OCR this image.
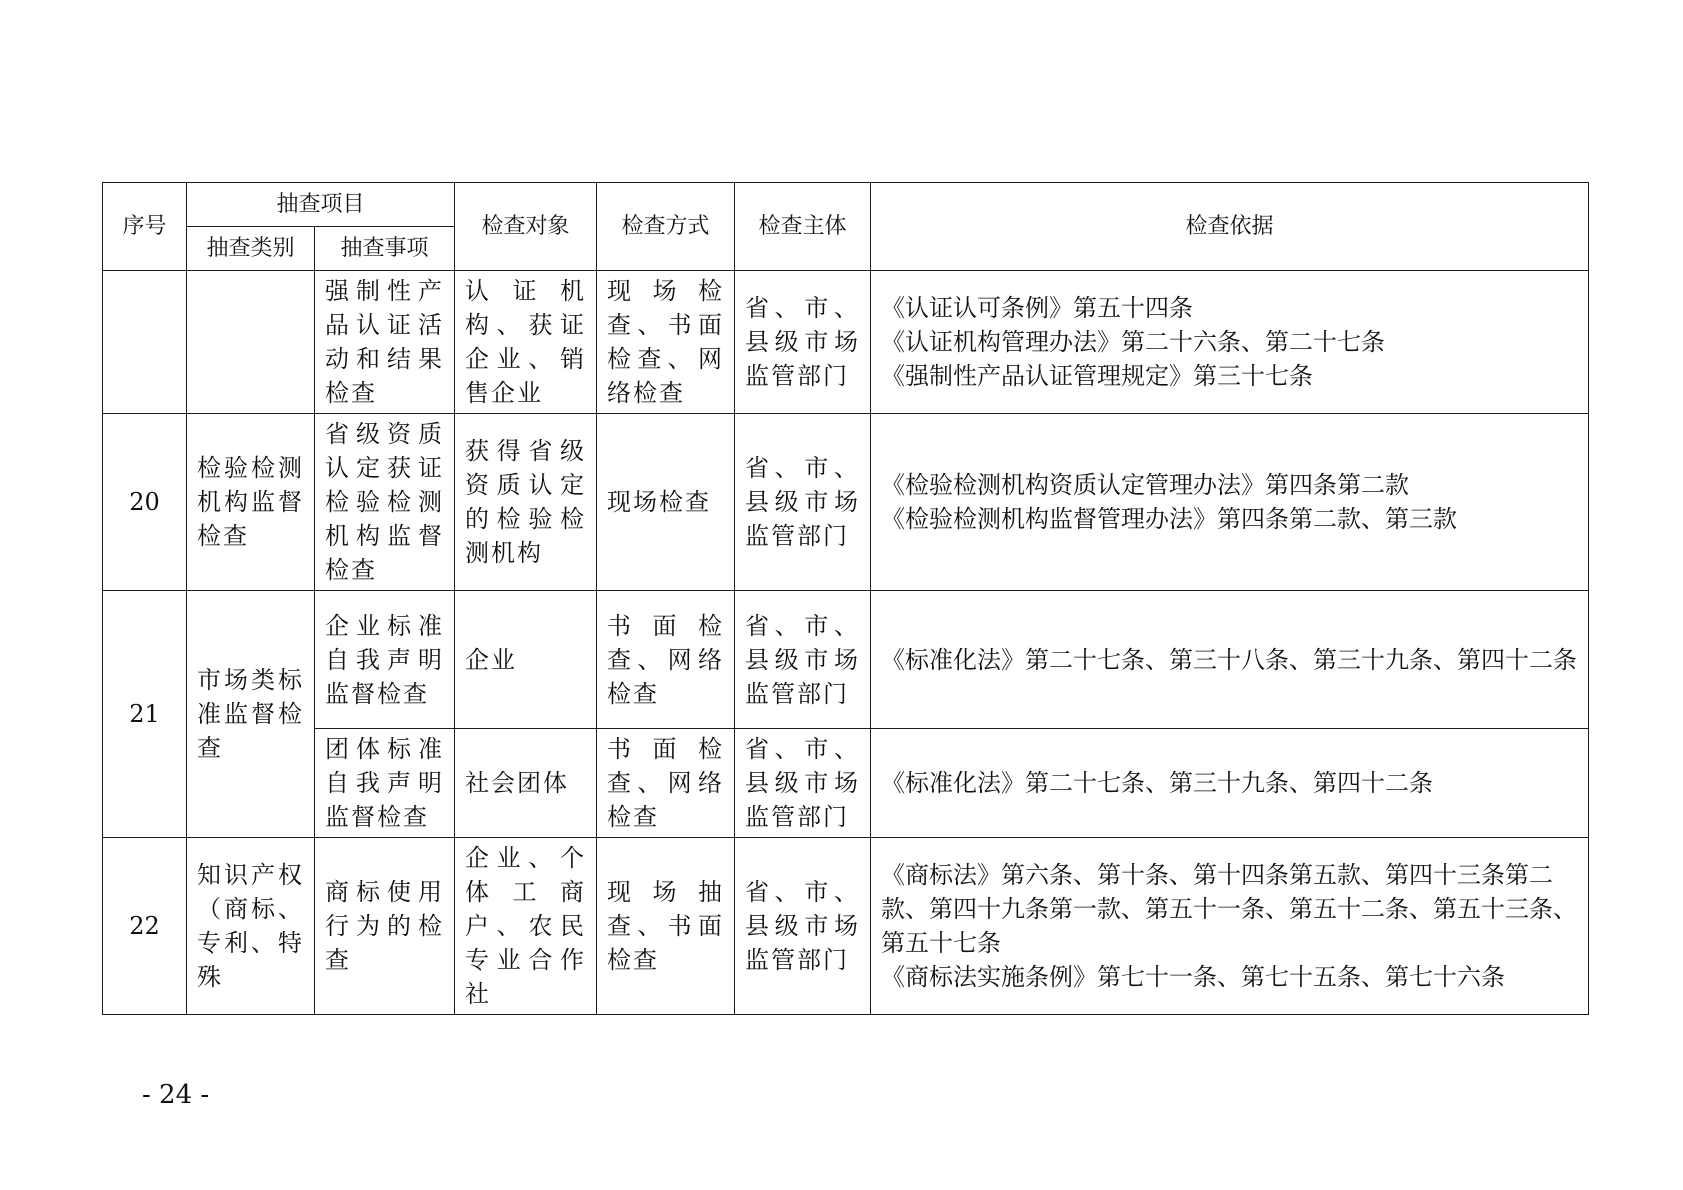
序号	抽查项目		检查对象	检查方式	检查主体	检查依据
	抽查类别	抽查事项				
		强制性产品认证活动和结果检查	认证机构、获证企业、销售企业	现场检查、书面检查、网络检查	省、市、县级市场监管部门	《认证认可条例》第五十四条
《认证机构管理办法》第二十六条、第二十七条
《强制性产品认证管理规定》第三十七条

20	检验检测机构监督检查	省级资质认定获证检验检测机构监督检查	获得省级资质认定的检验检测机构	现场检查	省、市、县级市场监管部门	《检验检测机构资质认定管理办法》第四条第二款
《检验检测机构监督管理办法》第四条第二款、第三款

21	市场类标准监督检查	企业标准自我声明监督检查	企业	书面检查、网络检查	省、市、县级市场监管部门	《标准化法》第二十七条、第三十八条、第三十九条、第四十二条

		团体标准自我声明监督检查	社会团体	书面检查、网络检查	省、市、县级市场监管部门	《标准化法》第二十七条、第三十九条、第四十二条

22	知识产权（商标、专利、特殊	商标使用行为的检查	企业、个体工商户、农民专业合作社	现场抽查、书面检查	省、市、县级市场监管部门	《商标法》第六条、第十条、第十四条第五款、第四十三条第二款、第四十九条第一款、第五十一条、第五十二条、第五十三条、第五十七条
《商标法实施条例》第七十一条、第七十五条、第七十六条
- 24 -
